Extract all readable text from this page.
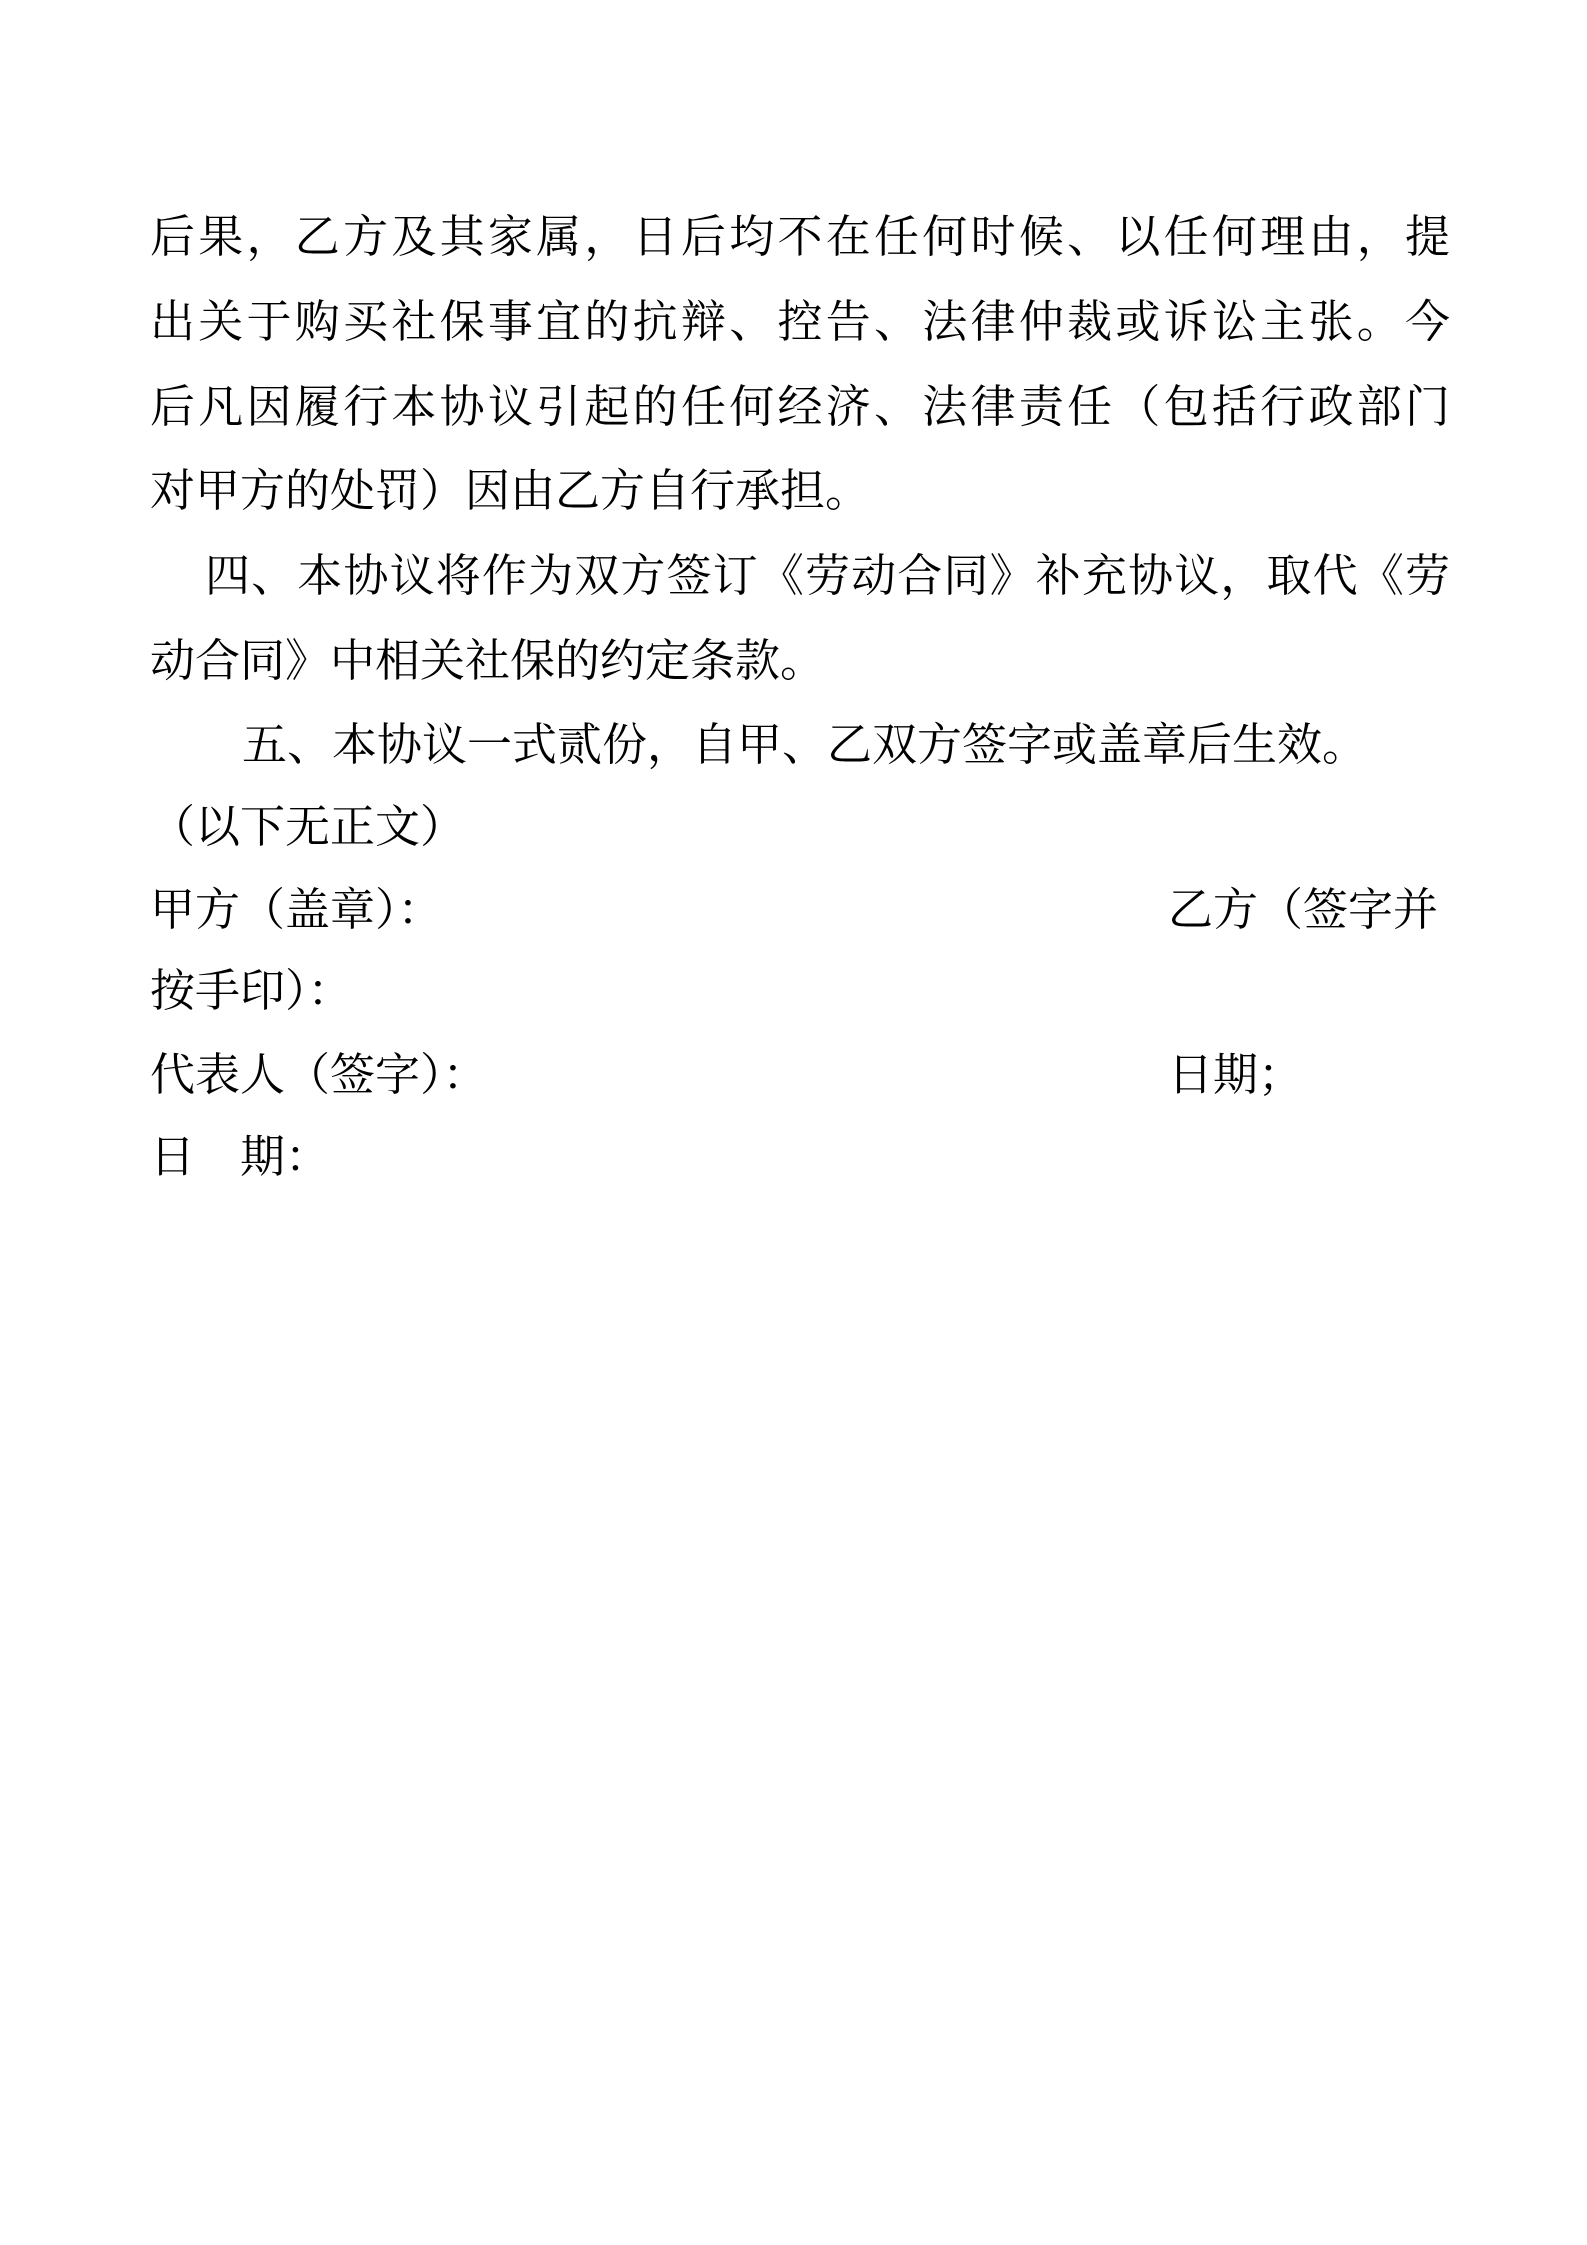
后果，乙方及其家属，日后均不在任何时候、以任何理由，提
出关于购买社保事宜的抗辩、控告、法律仲裁或诉讼主张。今
后凡因履行本协议引起的任何经济、法律责任（包括行政部门
对甲方的处罚）因由乙方自行承担。
四、本协议将作为双方签订《劳动合同》补充协议，取代《劳
动合同》中相关社保的约定条款。
五、本协议一式贰份，自甲、乙双方签字或盖章后生效。
（以下无正文）
甲方（盖章）：	乙方（签字并
按手印）：
代表人（签字）：	日期；
日　期：
